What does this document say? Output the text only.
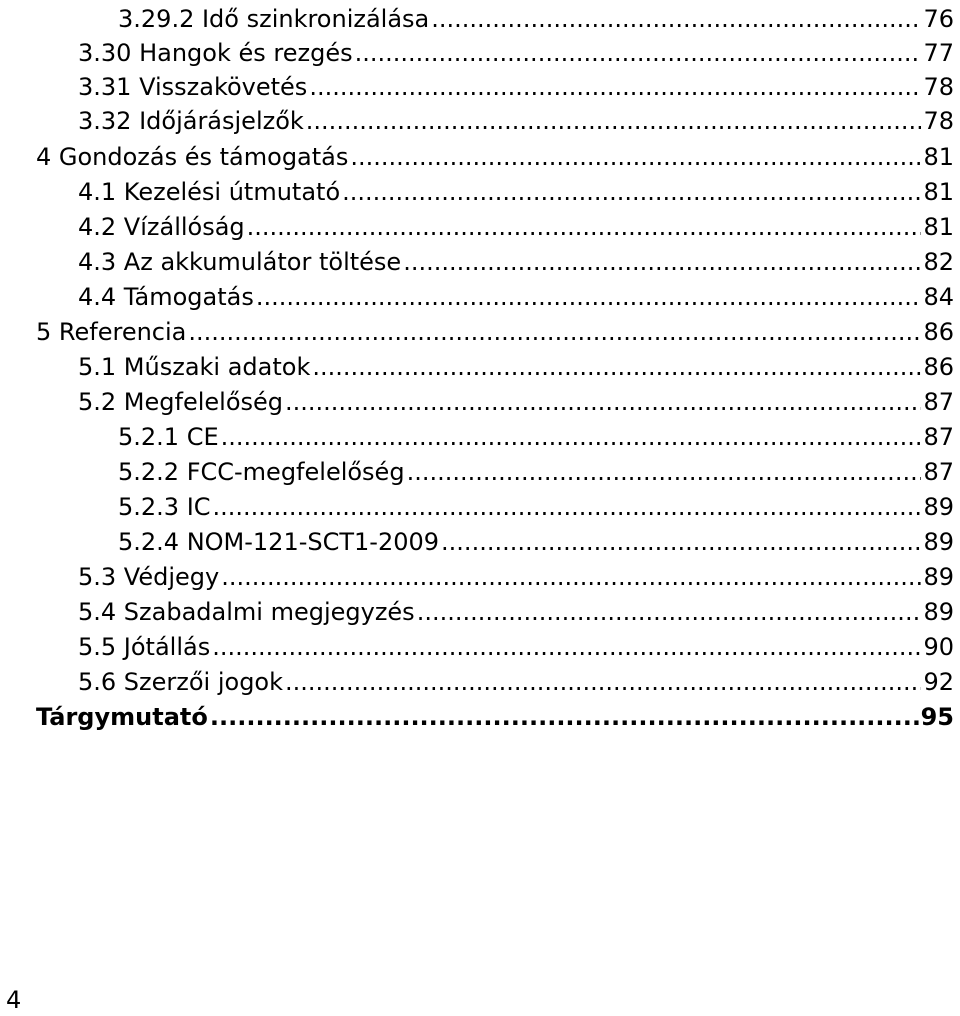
3.29.2 Idő szinkronizálása .....	76
3.30 Hangok és rezgés .....	77
3.31 Visszakövetés .....	78
3.32 Időjárásjelzők .....	78
4 Gondozás és támogatás .....	81
4.1 Kezelési útmutató .....	81
4.2 Vízállóság .....	81
4.3 Az akkumulátor töltése .....	82
4.4 Támogatás .....	84
5 Referencia .....	86
5.1 Műszaki adatok .....	86
5.2 Megfelelőség .....	87
5.2.1 CE .....	87
5.2.2 FCC-megfelelőség .....	87
5.2.3 IC .....	89
5.2.4 NOM-121-SCT1-2009 .....	89
5.3 Védjegy .....	89
5.4 Szabadalmi megjegyzés .....	89
5.5 Jótállás .....	90
5.6 Szerzői jogok .....	92
Tárgymutató .....	95
4
